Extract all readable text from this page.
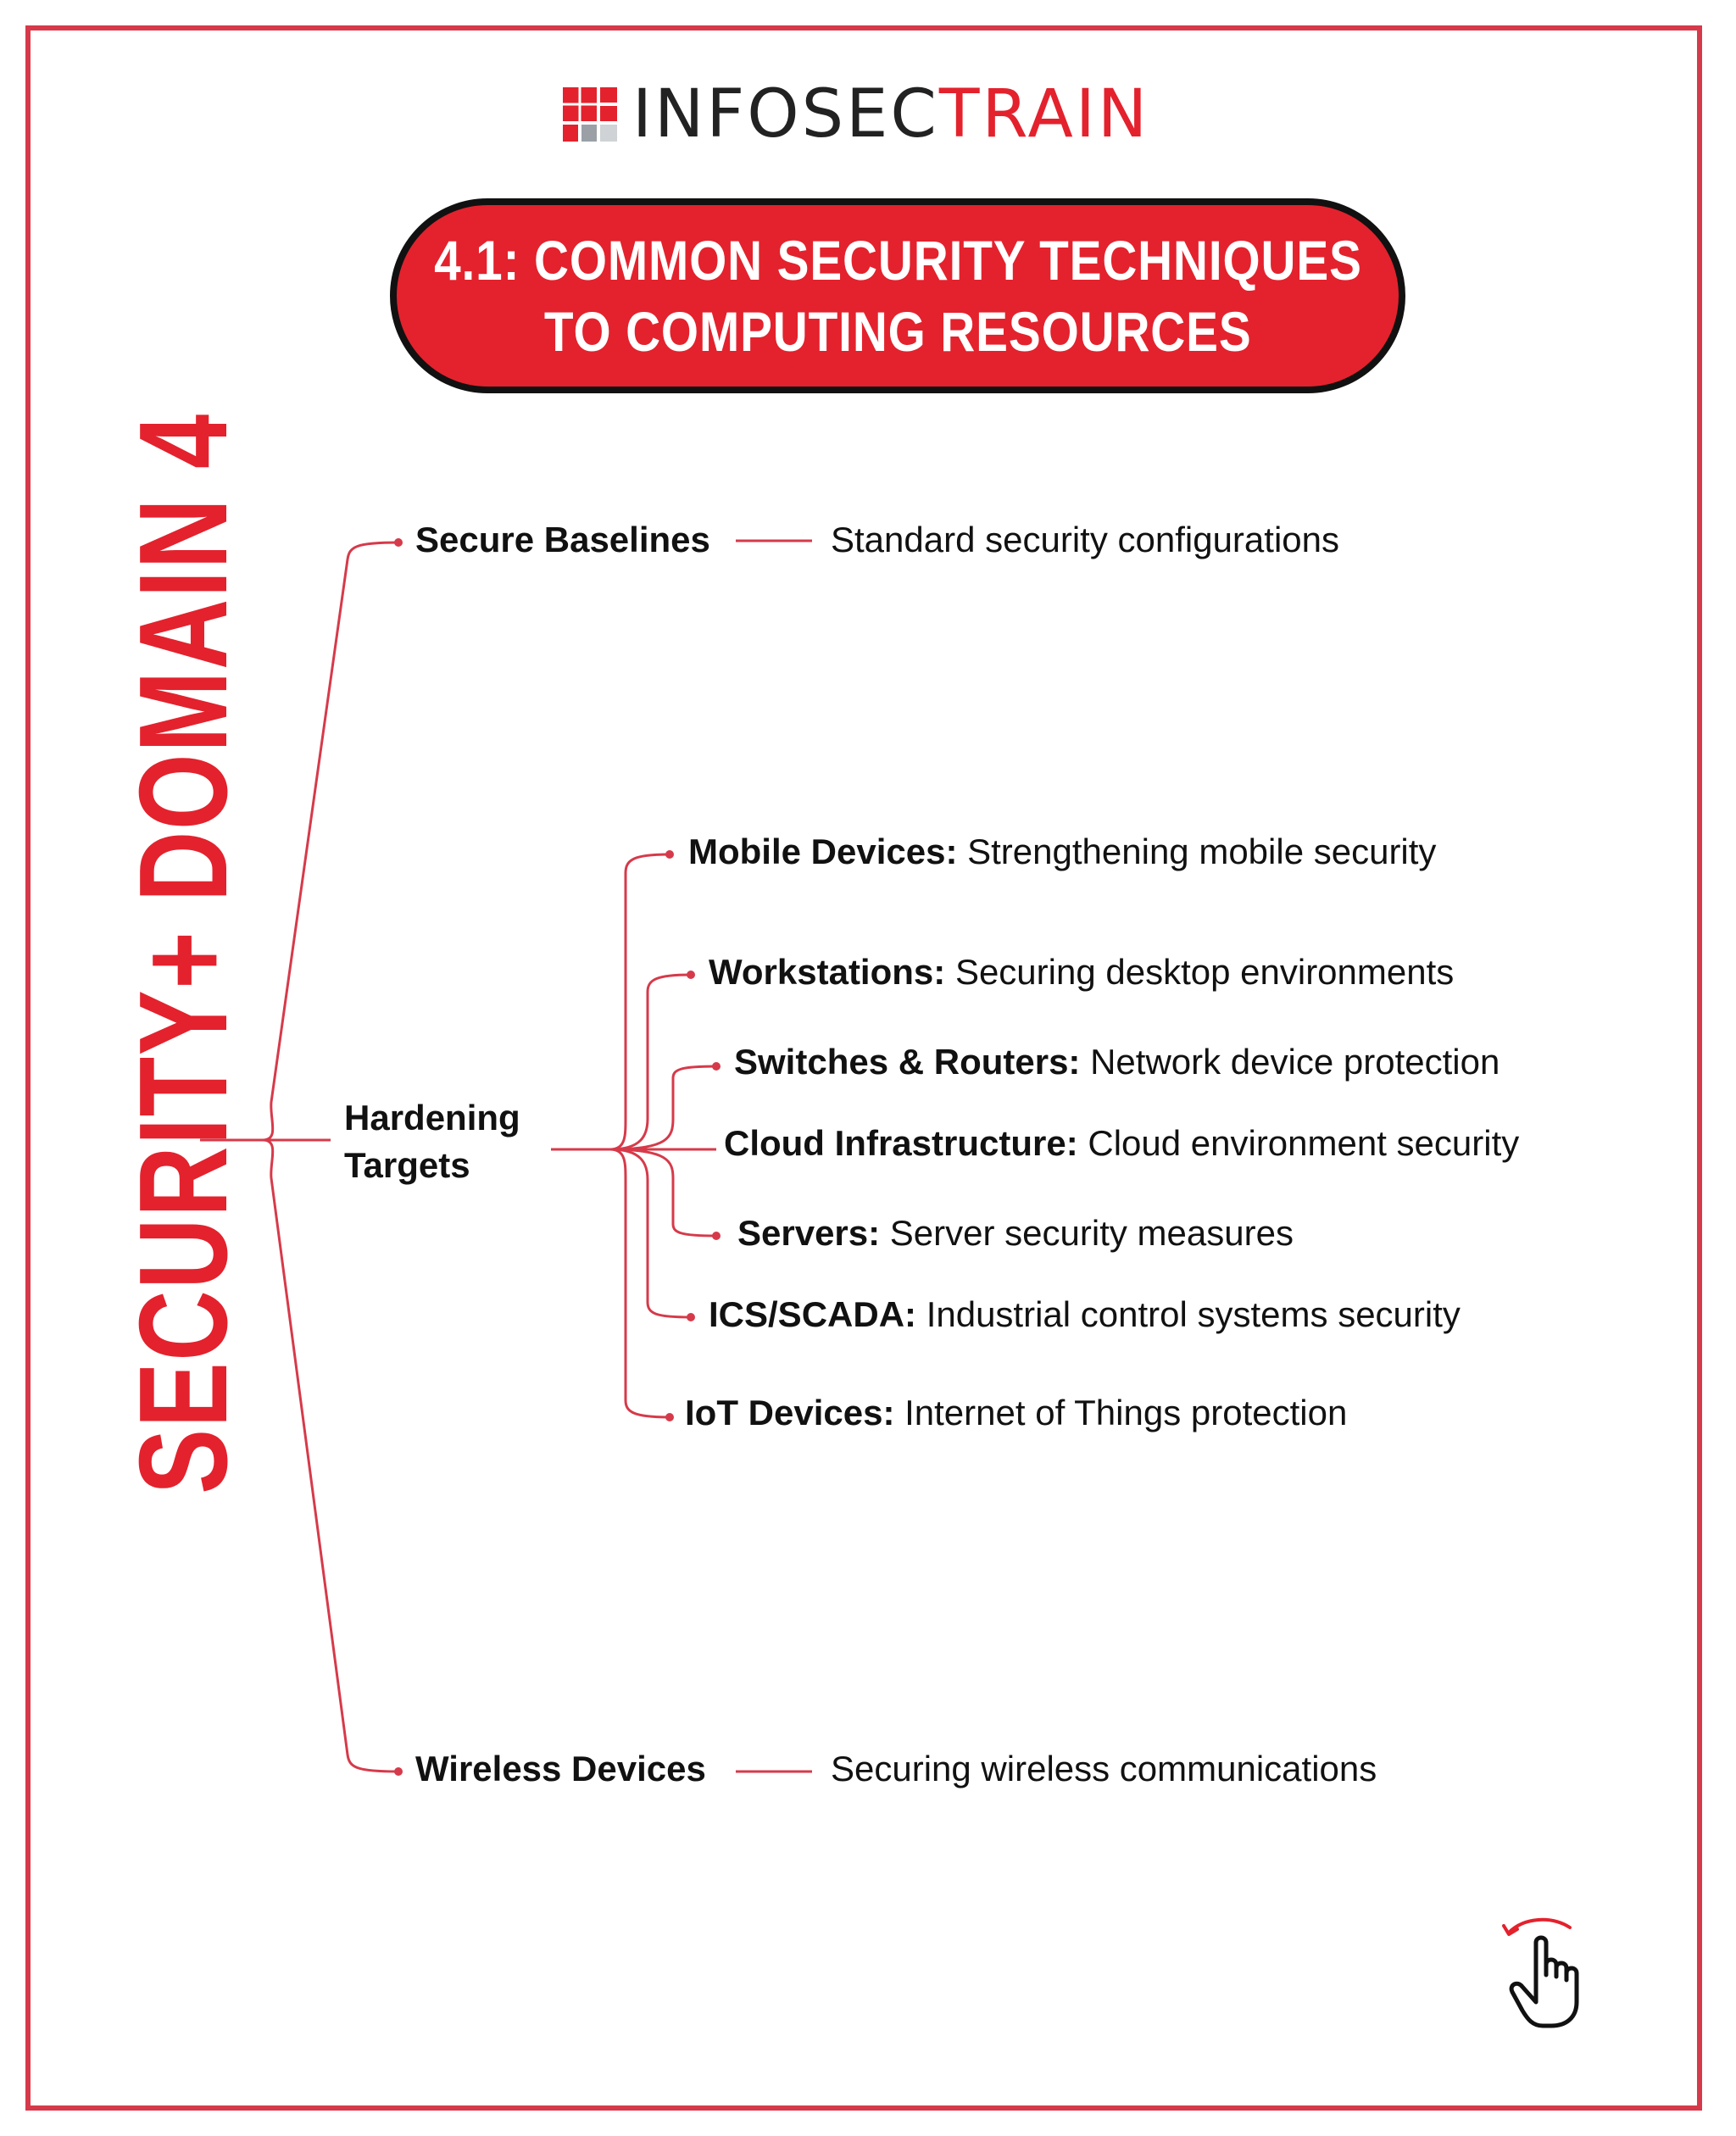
INFOSECTRAIN
4.1: COMMON SECURITY TECHNIQUES
TO COMPUTING RESOURCES
SECURITY+ DOMAIN 4	Secure Baselines	Standard security configurations
Hardening
Targets
Mobile Devices: Strengthening mobile security
Workstations: Securing desktop environments
Switches & Routers: Network device protection
Cloud Infrastructure: Cloud environment security
Servers: Server security measures
ICS/SCADA: Industrial control systems security
IoT Devices: Internet of Things protection
Wireless Devices	Securing wireless communications
